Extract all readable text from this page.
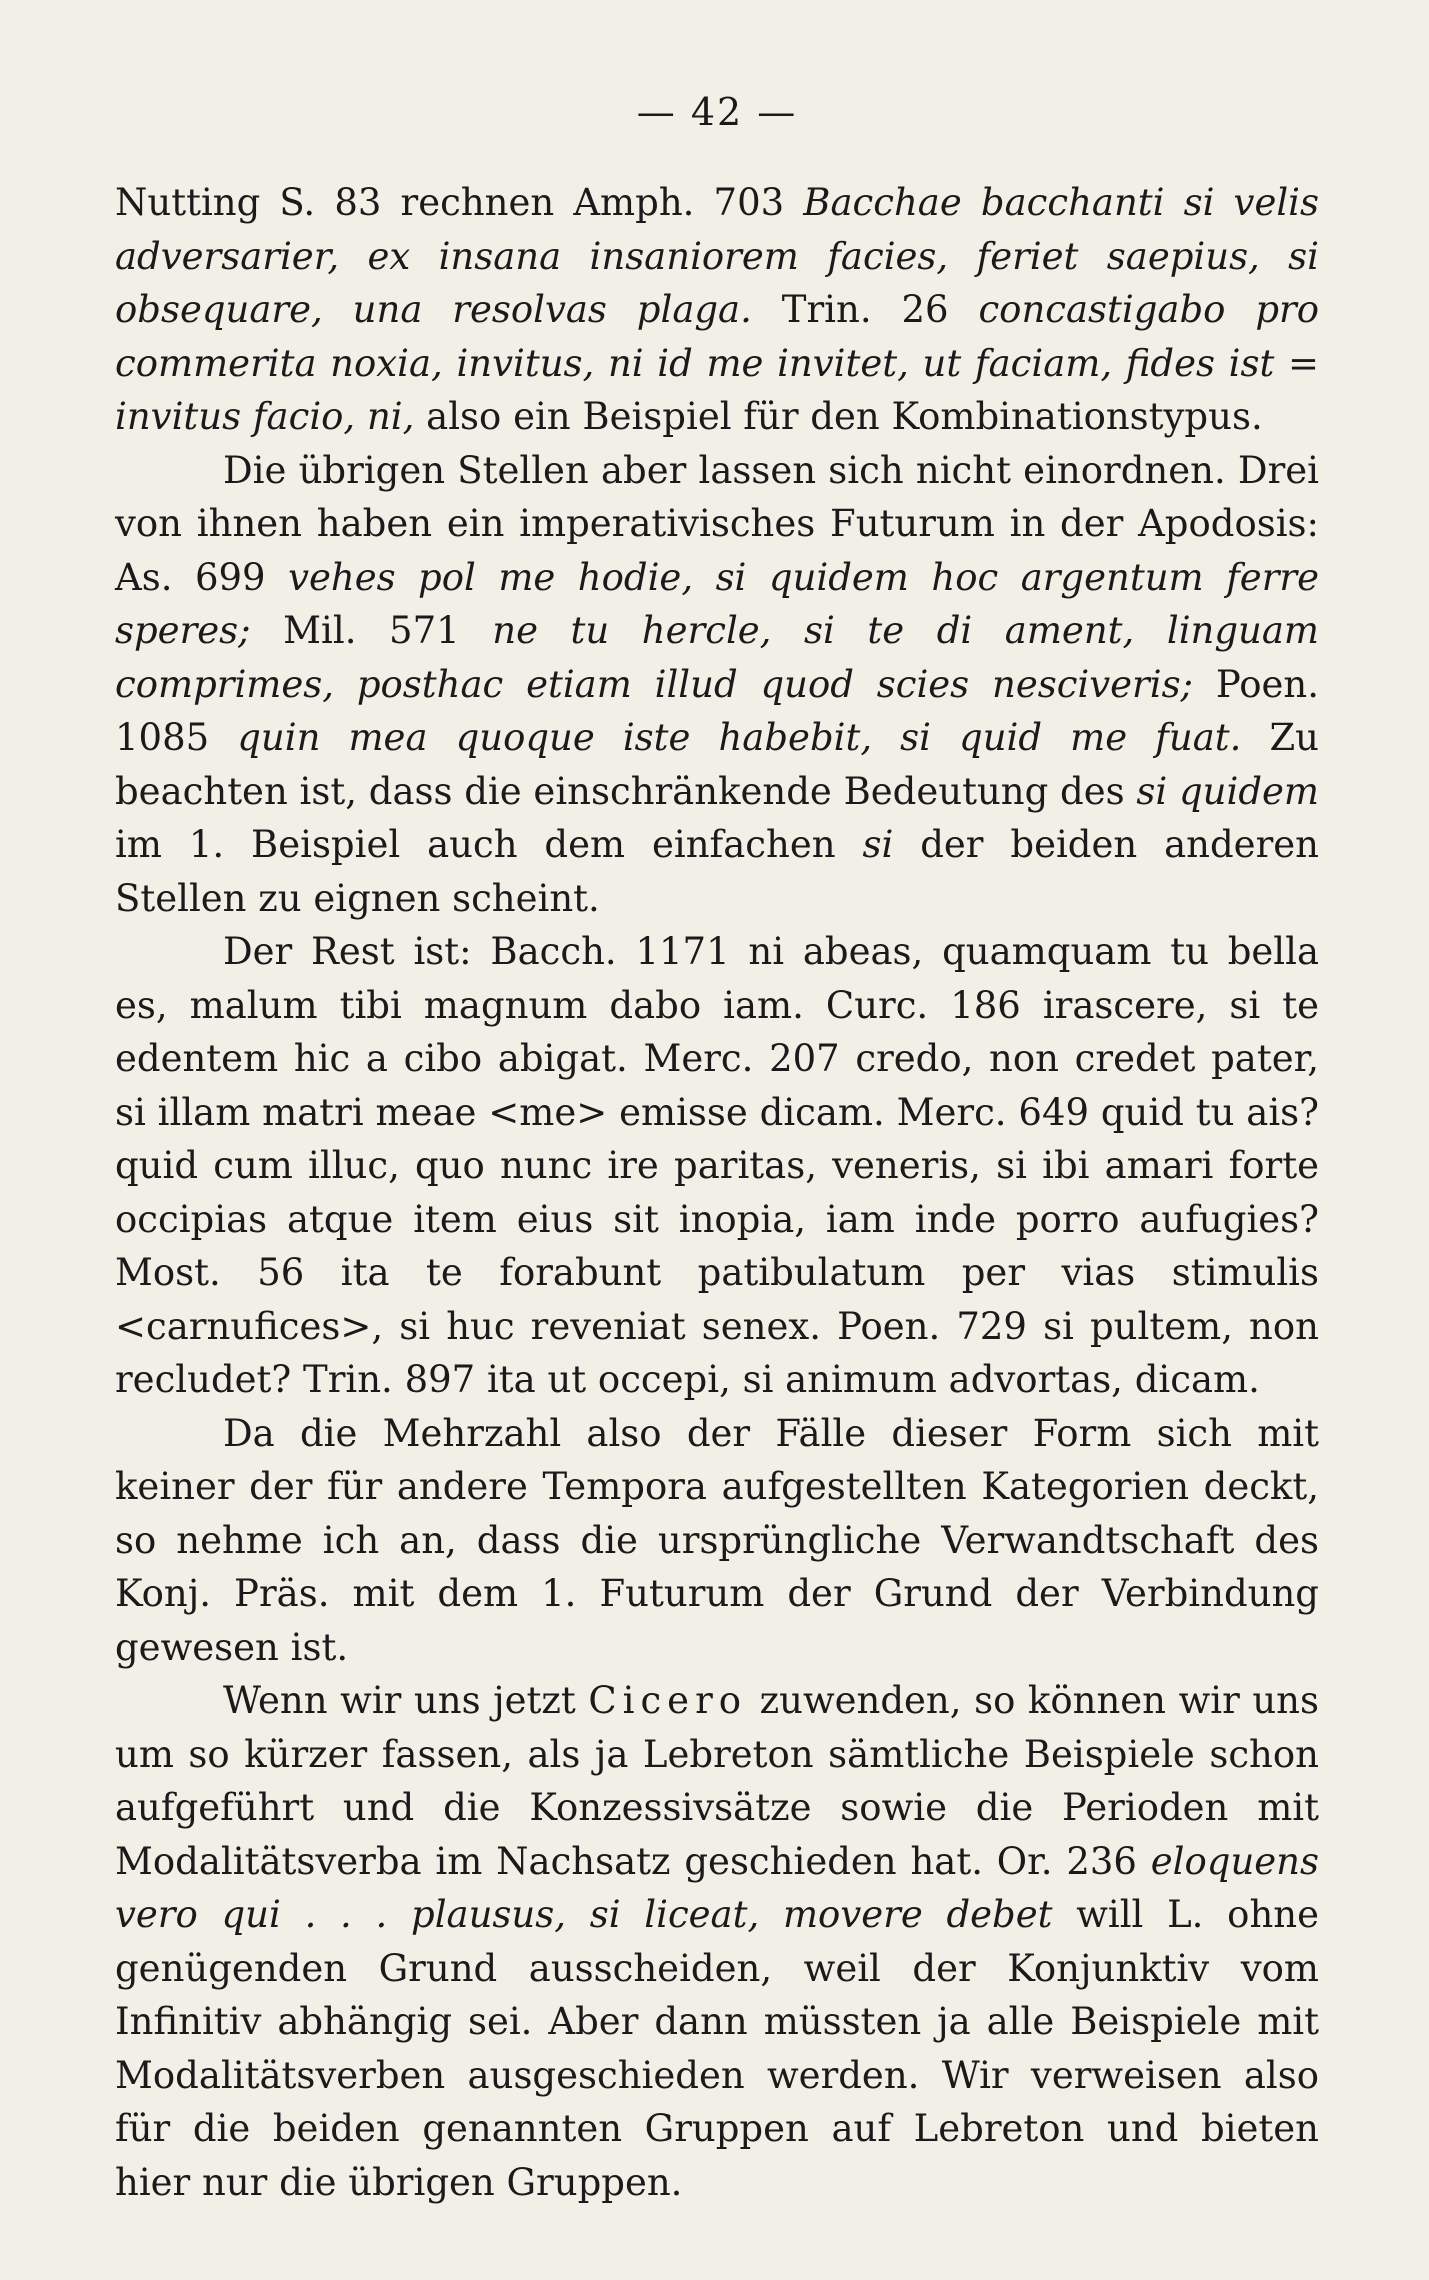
— 42 —

Nutting S. 83 rechnen Amph. 703 Bacchae bacchanti si velis adversarier, ex insana insaniorem facies, feriet saepius, si obsequare, una resolvas plaga. Trin. 26 concastigabo pro commerita noxia, invitus, ni id me invitet, ut faciam, fides ist = invitus facio, ni, also ein Beispiel für den Kombinationstypus.

Die übrigen Stellen aber lassen sich nicht einordnen. Drei von ihnen haben ein imperativisches Futurum in der Apodosis: As. 699 vehes pol me hodie, si quidem hoc argentum ferre speres; Mil. 571 ne tu hercle, si te di ament, linguam comprimes, posthac etiam illud quod scies nesciveris; Poen. 1085 quin mea quoque iste habebit, si quid me fuat. Zu beachten ist, dass die einschränkende Bedeutung des si quidem im 1. Beispiel auch dem einfachen si der beiden anderen Stellen zu eignen scheint.

Der Rest ist: Bacch. 1171 ni abeas, quamquam tu bella es, malum tibi magnum dabo iam. Curc. 186 irascere, si te edentem hic a cibo abigat. Merc. 207 credo, non credet pater, si illam matri meae <me> emisse dicam. Merc. 649 quid tu ais? quid cum illuc, quo nunc ire paritas, veneris, si ibi amari forte occipias atque item eius sit inopia, iam inde porro aufugies? Most. 56 ita te forabunt patibulatum per vias stimulis <carnufices>, si huc reveniat senex. Poen. 729 si pultem, non recludet? Trin. 897 ita ut occepi, si animum advortas, dicam.

Da die Mehrzahl also der Fälle dieser Form sich mit keiner der für andere Tempora aufgestellten Kategorien deckt, so nehme ich an, dass die ursprüngliche Verwandtschaft des Konj. Präs. mit dem 1. Futurum der Grund der Verbindung gewesen ist.

Wenn wir uns jetzt Cicero zuwenden, so können wir uns um so kürzer fassen, als ja Lebreton sämtliche Beispiele schon aufgeführt und die Konzessivsätze sowie die Perioden mit Modalitätsverba im Nachsatz geschieden hat. Or. 236 eloquens vero qui . . . plausus, si liceat, movere debet will L. ohne genügenden Grund ausscheiden, weil der Konjunktiv vom Infinitiv abhängig sei. Aber dann müssten ja alle Beispiele mit Modalitätsverben ausgeschieden werden. Wir verweisen also für die beiden genannten Gruppen auf Lebreton und bieten hier nur die übrigen Gruppen.
